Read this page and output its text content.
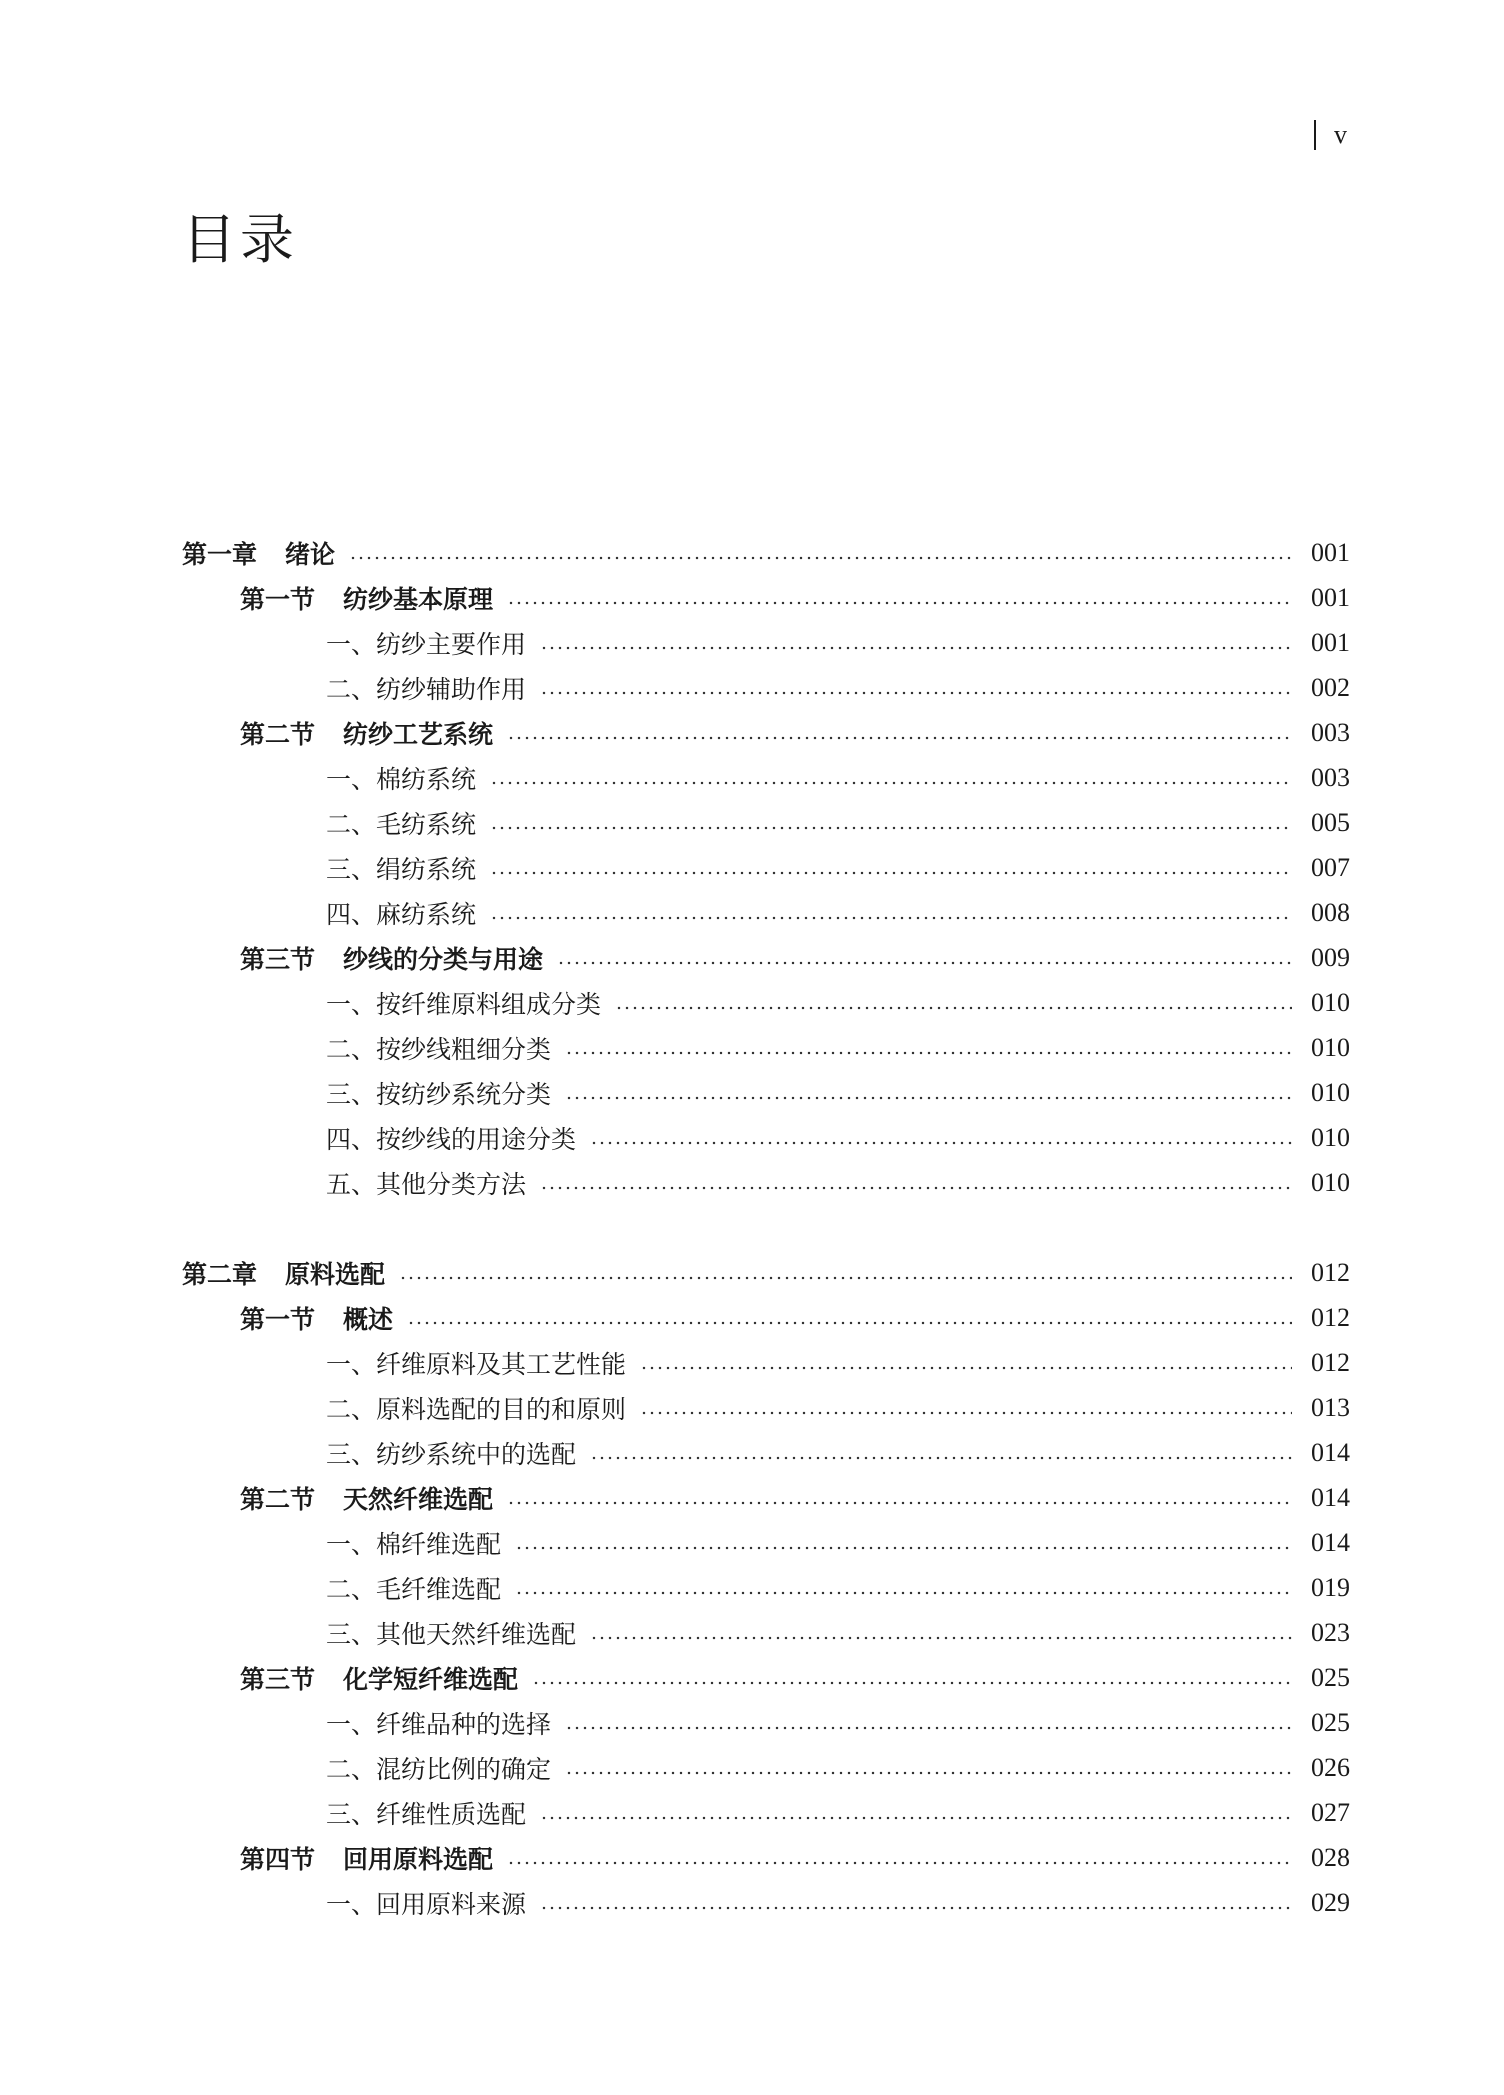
v
目录
第一章 绪论	001
第一节 纺纱基本原理	001
一、纺纱主要作用	001
二、纺纱辅助作用	002
第二节 纺纱工艺系统	003
一、棉纺系统	003
二、毛纺系统	005
三、绢纺系统	007
四、麻纺系统	008
第三节 纱线的分类与用途	009
一、按纤维原料组成分类	010
二、按纱线粗细分类	010
三、按纺纱系统分类	010
四、按纱线的用途分类	010
五、其他分类方法	010
第二章 原料选配	012
第一节 概述	012
一、纤维原料及其工艺性能	012
二、原料选配的目的和原则	013
三、纺纱系统中的选配	014
第二节 天然纤维选配	014
一、棉纤维选配	014
二、毛纤维选配	019
三、其他天然纤维选配	023
第三节 化学短纤维选配	025
一、纤维品种的选择	025
二、混纺比例的确定	026
三、纤维性质选配	027
第四节 回用原料选配	028
一、回用原料来源	029
